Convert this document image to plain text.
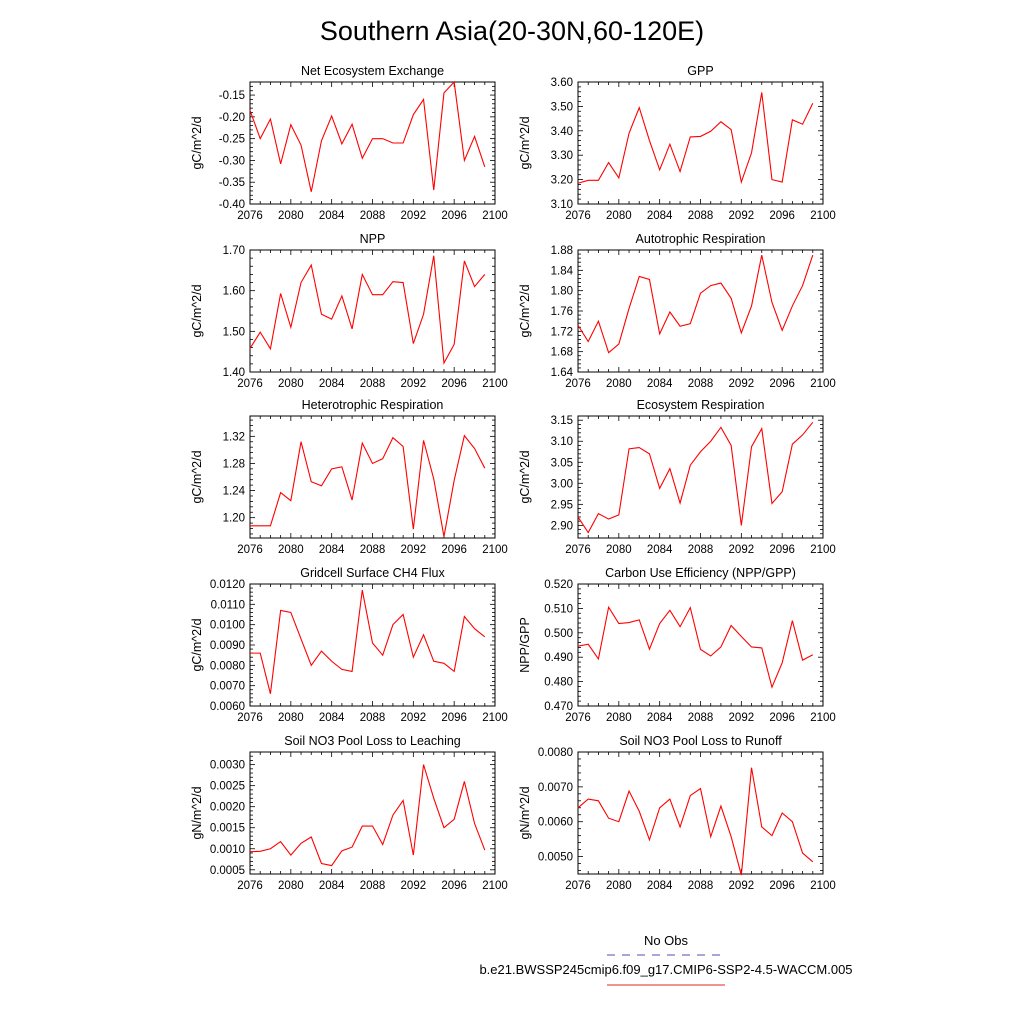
Southern Asia(20-30N,60-120E)
Net Ecosystem Exchange
gC/m^2/d
2076 2080 2084 2088 2092 2096 2100
-0.40
-0.35
-0.30
-0.25
-0.20
-0.15
GPP
gC/m^2/d
2076 2080 2084 2088 2092 2096 2100
3.10
3.20
3.30
3.40
3.50
3.60
NPP
gC/m^2/d
2076 2080 2084 2088 2092 2096 2100
1.40
1.50
1.60
1.70
Autotrophic Respiration
gC/m^2/d
2076 2080 2084 2088 2092 2096 2100
1.64
1.68
1.72
1.76
1.80
1.84
1.88
Heterotrophic Respiration
gC/m^2/d
2076 2080 2084 2088 2092 2096 2100
1.20
1.24
1.28
1.32
Ecosystem Respiration
gC/m^2/d
2076 2080 2084 2088 2092 2096 2100
2.90
2.95
3.00
3.05
3.10
3.15
Gridcell Surface CH4 Flux
gC/m^2/d
2076 2080 2084 2088 2092 2096 2100
0.0060
0.0070
0.0080
0.0090
0.0100
0.0110
0.0120
Carbon Use Efficiency (NPP/GPP)
NPP/GPP
2076 2080 2084 2088 2092 2096 2100
0.470
0.480
0.490
0.500
0.510
0.520
Soil NO3 Pool Loss to Leaching
gN/m^2/d
2076 2080 2084 2088 2092 2096 2100
0.0005
0.0010
0.0015
0.0020
0.0025
0.0030
Soil NO3 Pool Loss to Runoff
gN/m^2/d
2076 2080 2084 2088 2092 2096 2100
0.0050
0.0060
0.0070
0.0080
No Obs
b.e21.BWSSP245cmip6.f09_g17.CMIP6-SSP2-4.5-WACCM.005
